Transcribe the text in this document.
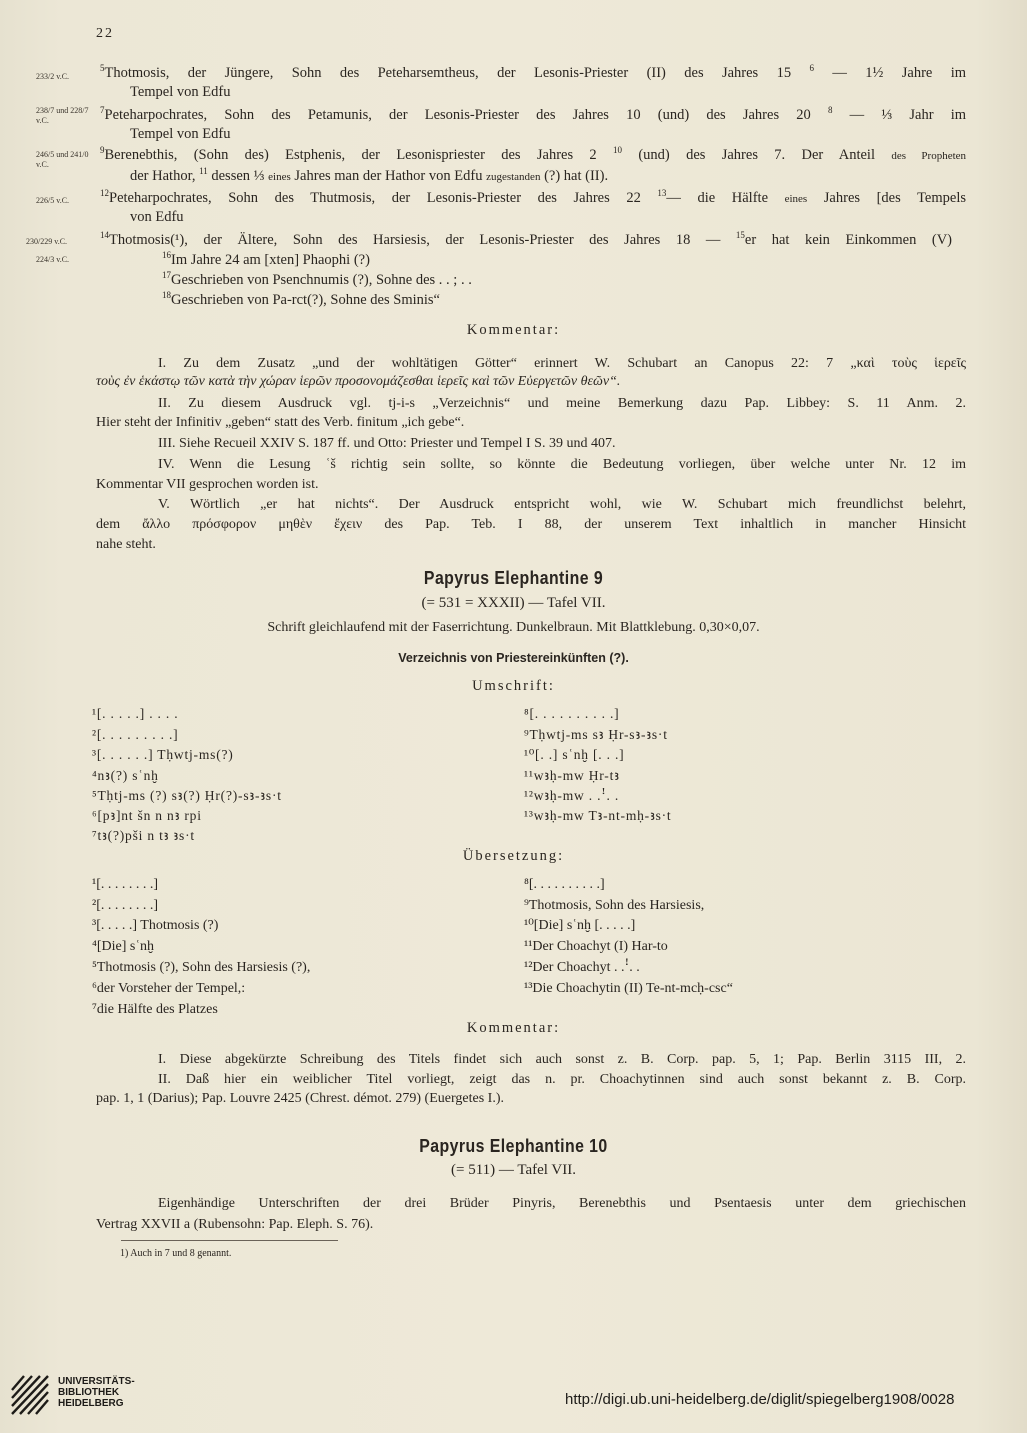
22
233/2 v.C.
$^5$Thotmosis, der Jüngere, Sohn des Peteharsemtheus, der Lesonis-Priester (II) des Jahres 15 $^6$ — 1½ Jahre im
Tempel von Edfu
238/7 und 228/7 v.C.
$^7$Peteharpochrates, Sohn des Petamunis, der Lesonis-Priester des Jahres 10 (und) des Jahres 20 $^8$ — ⅓ Jahr im
Tempel von Edfu
246/5 und 241/0 v.C.
$^9$Berenebthis, (Sohn des) Estphenis, der Lesonispriester des Jahres 2 $^{10}$ (und) des Jahres 7. Der Anteil des Propheten
der Hathor, $^{11}$ dessen ⅓ eines Jahres man der Hathor von Edfu zugestanden (?) hat (II).
226/5 v.C.
$^{12}$Peteharpochrates, Sohn des Thutmosis, der Lesonis-Priester des Jahres 22 $^{13}$— die Hälfte eines Jahres [des Tempels
von Edfu
230/229 v.C.
$^{14}$Thotmosis(¹), der Ältere, Sohn des Harsiesis, der Lesonis-Priester des Jahres 18 — $^{15}$er hat kein Einkommen (V)
224/3 v.C.	$^{16}$Im Jahre 24 am [xten] Phaophi (?)
$^{17}$Geschrieben von Psenchnumis (?), Sohne des . . ; . .
$^{18}$Geschrieben von Pa-rct(?), Sohne des Sminis“
Kommentar:
I. Zu dem Zusatz „und der wohltätigen Götter“ erinnert W. Schubart an Canopus 22: 7 „καὶ τοὺς ἱερεῖς
τοὺς ἐν ἑκάστῳ τῶν κατὰ τὴν χώραν ἱερῶν προσονομάζεσθαι ἱερεῖς καὶ τῶν Εὐεργετῶν θεῶν“.
II. Zu diesem Ausdruck vgl. tj-i-s „Verzeichnis“ und meine Bemerkung dazu Pap. Libbey: S. 11 Anm. 2.
Hier steht der Infinitiv „geben“ statt des Verb. finitum „ich gebe“.
III. Siehe Recueil XXIV S. 187 ff. und Otto: Priester und Tempel I S. 39 und 407.
IV. Wenn die Lesung ʿš richtig sein sollte, so könnte die Bedeutung vorliegen, über welche unter Nr. 12 im
Kommentar VII gesprochen worden ist.
V. Wörtlich „er hat nichts“. Der Ausdruck entspricht wohl, wie W. Schubart mich freundlichst belehrt,
dem ἄλλο πρόσφορον μηθὲν ἔχειν des Pap. Teb. I 88, der unserem Text inhaltlich in mancher Hinsicht
nahe steht.
Papyrus Elephantine 9
(= 531 = XXXII) — Tafel VII.
Schrift gleichlaufend mit der Faserrichtung. Dunkelbraun. Mit Blattklebung. 0,30×0,07.
Verzeichnis von Priestereinkünften (?).
Umschrift:
¹[. . . . .] . . . .
²[. . . . . . . . .]
³[. . . . . .] Tḥwtj-ms(?)
⁴nꜣ(?) sʿnḫ
⁵Tḥtj-ms (?) sꜣ(?) Ḥr(?)-sꜣ-ꜣs·t
⁶[pꜣ]nt šn n nꜣ rpi
⁷tꜣ(?)pši n tꜣ ꜣs·t
⁸[. . . . . . . . . .]
⁹Tḥwtj-ms sꜣ Ḥr-sꜣ-ꜣs·t
¹⁰[. .] sʿnḫ [. . .]
¹¹wꜣḥ-mw Ḥr-tꜣ
¹²wꜣḥ-mw . .ꜝ. .
¹³wꜣḥ-mw Tꜣ-nt-mḥ-ꜣs·t
Übersetzung:
¹[. . . . . . . .]
²[. . . . . . . .]
³[. . . . .] Thotmosis (?)
⁴[Die] sʿnḫ
⁵Thotmosis (?), Sohn des Harsiesis (?),
⁶der Vorsteher der Tempel,:
⁷die Hälfte des Platzes
⁸[. . . . . . . . . .]
⁹Thotmosis, Sohn des Harsiesis,
¹⁰[Die] sʿnḫ [. . . . .]
¹¹Der Choachyt (I) Har-to
¹²Der Choachyt . .ꜝ. .
¹³Die Choachytin (II) Te-nt-mcḥ-csc“
Kommentar:
I. Diese abgekürzte Schreibung des Titels findet sich auch sonst z. B. Corp. pap. 5, 1; Pap. Berlin 3115 III, 2.
II. Daß hier ein weiblicher Titel vorliegt, zeigt das n. pr. Choachytinnen sind auch sonst bekannt z. B. Corp.
pap. 1, 1 (Darius); Pap. Louvre 2425 (Chrest. démot. 279) (Euergetes I.).
Papyrus Elephantine 10
(= 511) — Tafel VII.
Eigenhändige Unterschriften der drei Brüder Pinyris, Berenebthis und Psentaesis unter dem griechischen
Vertrag XXVII a (Rubensohn: Pap. Eleph. S. 76).
1) Auch in 7 und 8 genannt.
UNIVERSITÄTS-
BIBLIOTHEK
HEIDELBERG	http://digi.ub.uni-heidelberg.de/diglit/spiegelberg1908/0028
